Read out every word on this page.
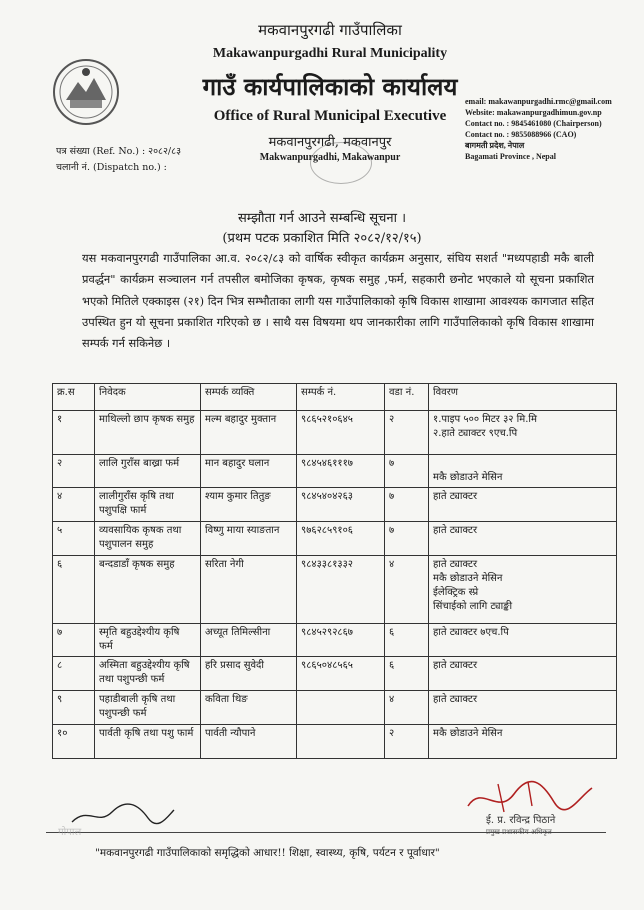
मकवानपुरगढी गाउँपालिका
Makawanpurgadhi Rural Municipality
गाउँ कार्यपालिकाको कार्यालय
Office of Rural Municipal Executive
मकवानपुरगढी, मकवानपुर
Makwanpurgadhi, Makawanpur
email: makawanpurgadhi.rmc@gmail.com
Website: makawanpurgadhimun.gov.np
Contact no. : 9845461080 (Chairperson)
Contact no. : 9855088966 (CAO)
बागमती प्रदेश, नेपाल
Bagamati Province , Nepal
पत्र संख्या (Ref. No.) : २०८२/८३
चलानी नं. (Dispatch no.) :
सम्झौता गर्न आउने सम्बन्धि सूचना ।
(प्रथम पटक प्रकाशित मिति २०८२/१२/१५)
यस मकवानपुरगढी गाउँपालिका आ.व. २०८२/८३ को वार्षिक स्वीकृत कार्यक्रम अनुसार, संघिय सशर्त "मध्यपहाडी मकै बाली प्रवर्द्धन" कार्यक्रम सञ्चालन गर्न तपसील बमोजिका कृषक, कृषक समुह ,फर्म, सहकारी छनोट भएकाले यो सूचना प्रकाशित भएको मितिले एक्काइस (२१) दिन भित्र सम्भौताका लागी यस गाउँपालिकाको कृषि विकास शाखामा आवश्यक कागजात सहित उपस्थित हुन यो सूचना प्रकाशित गरिएको छ । साथै यस विषयमा थप जानकारीका लागि गाउँपालिकाको कृषि विकास शाखामा सम्पर्क गर्न सकिनेछ ।
क्र.स	निवेदक	सम्पर्क व्यक्ति	सम्पर्क नं.	वडा नं.	विवरण
१	माथिल्लो छाप कृषक समुह	मल्म बहादुर मुक्तान	९८६५२१०६४५	२	१.पाइप ५०० मिटर ३२ मि.मि
२.हाते ट्याक्टर ९एच.पि
२	लालि गुराँस बाख्रा फर्म	मान बहादुर घलान	९८४५४६१११७	७	
मकै छोडाउने मेसिन
४	लालीगुराँस कृषि तथा पशुपक्षि फार्म	श्याम कुमार तितुङ	९८४५४०४२६३	७	हाते ट्याक्टर
५	व्यवसायिक कृषक तथा पशुपालन समुह	विष्णु माया स्याङतान	९७६२८५९१०६	७	हाते ट्याक्टर
६	बन्दडाडाँ कृषक समुह	सरिता नेगी	९८४३३८१३३२	४	हाते ट्याक्टर
मकै छोडाउने मेसिन
ईलेक्ट्रिक स्प्रे
सिंचाईको लागि ट्याङ्की
७	स्मृति बहुउद्देश्यीय कृषि फर्म	अच्यूत तिमिल्सीना	९८४५२९२८६७	६	हाते ट्याक्टर ७एच.पि
८	अस्मिता बहुउद्देश्यीय कृषि तथा पशुपन्छी फर्म	हरि प्रसाद सुवेदी	९८६५०४८५६५	६	हाते ट्याक्टर
९	पहाडीबाली कृषि तथा पशुपन्छी फर्म	कविता थिङ		४	हाते ट्याक्टर
१०	पार्वती कृषि तथा पशु फार्म	पार्वती न्यौपाने		२	मकै छोडाउने मेसिन
ई. प्र. रविन्द्र पिठाने
प्रमुख प्रशासकीय अधिकृत
गोपाल
"मकवानपुरगढी गाउँपालिकाको समृद्धिको आधार!! शिक्षा, स्वास्थ्य, कृषि, पर्यटन र पूर्वाधार"
